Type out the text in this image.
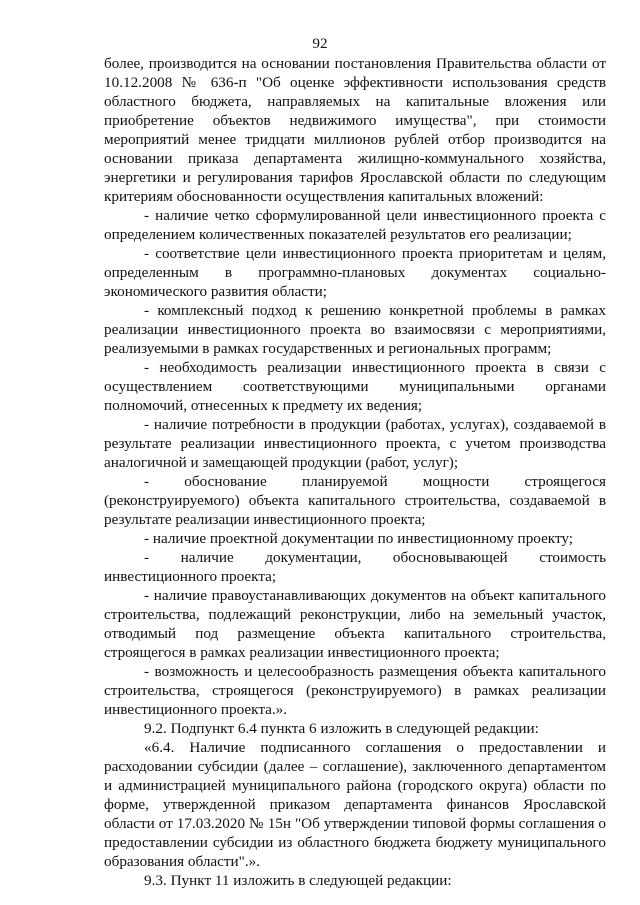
92

более, производится на основании постановления Правительства области от 10.12.2008 № 636-п "Об оценке эффективности использования средств областного бюджета, направляемых на капитальные вложения или приобретение объектов недвижимого имущества", при стоимости мероприятий менее тридцати миллионов рублей отбор производится на основании приказа департамента жилищно-коммунального хозяйства, энергетики и регулирования тарифов Ярославской области по следующим критериям обоснованности осуществления капитальных вложений:

- наличие четко сформулированной цели инвестиционного проекта с определением количественных показателей результатов его реализации;

- соответствие цели инвестиционного проекта приоритетам и целям, определенным в программно-плановых документах социально-экономического развития области;

- комплексный подход к решению конкретной проблемы в рамках реализации инвестиционного проекта во взаимосвязи с мероприятиями, реализуемыми в рамках государственных и региональных программ;

- необходимость реализации инвестиционного проекта в связи с осуществлением соответствующими муниципальными органами полномочий, отнесенных к предмету их ведения;

- наличие потребности в продукции (работах, услугах), создаваемой в результате реализации инвестиционного проекта, с учетом производства аналогичной и замещающей продукции (работ, услуг);

- обоснование планируемой мощности строящегося (реконструируемого) объекта капитального строительства, создаваемой в результате реализации инвестиционного проекта;

- наличие проектной документации по инвестиционному проекту;

- наличие документации, обосновывающей стоимость инвестиционного проекта;

- наличие правоустанавливающих документов на объект капитального строительства, подлежащий реконструкции, либо на земельный участок, отводимый под размещение объекта капитального строительства, строящегося в рамках реализации инвестиционного проекта;

- возможность и целесообразность размещения объекта капитального строительства, строящегося (реконструируемого) в рамках реализации инвестиционного проекта.».

9.2. Подпункт 6.4 пункта 6 изложить в следующей редакции:

«6.4. Наличие подписанного соглашения о предоставлении и расходовании субсидии (далее – соглашение), заключенного департаментом и администрацией муниципального района (городского округа) области по форме, утвержденной приказом департамента финансов Ярославской области от 17.03.2020 № 15н "Об утверждении типовой формы соглашения о предоставлении субсидии из областного бюджета бюджету муниципального образования области".».

9.3. Пункт 11 изложить в следующей редакции:
